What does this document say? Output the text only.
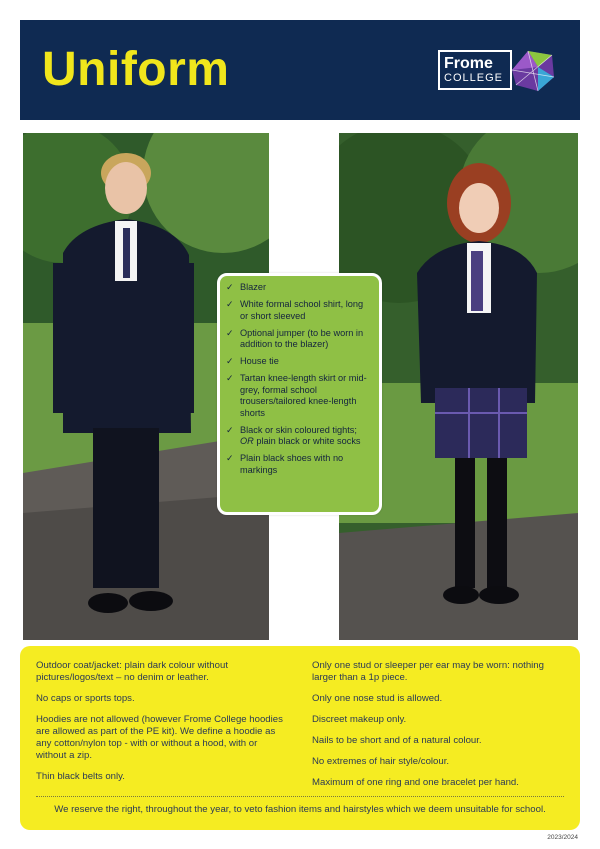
Uniform	Frome
COLLEGE
✓ Blazer
✓ White formal school shirt, long or short sleeved
✓ Optional jumper (to be worn in addition to the blazer)
✓ House tie
✓ Tartan knee-length skirt or mid-grey, formal school trousers/tailored knee-length shorts
✓ Black or skin coloured tights;
OR plain black or white socks
✓ Plain black shoes with no markings

Outdoor coat/jacket: plain dark colour without pictures/logos/text – no denim or leather.

No caps or sports tops.

Hoodies are not allowed (however Frome College hoodies are allowed as part of the PE kit). We define a hoodie as any cotton/nylon top - with or without a hood, with or without a zip.

Thin black belts only.

Only one stud or sleeper per ear may be worn: nothing larger than a 1p piece.

Only one nose stud is allowed.

Discreet makeup only.

Nails to be short and of a natural colour.

No extremes of hair style/colour.

Maximum of one ring and one bracelet per hand.

We reserve the right, throughout the year, to veto fashion items and hairstyles which we deem unsuitable for school.
2023/2024
